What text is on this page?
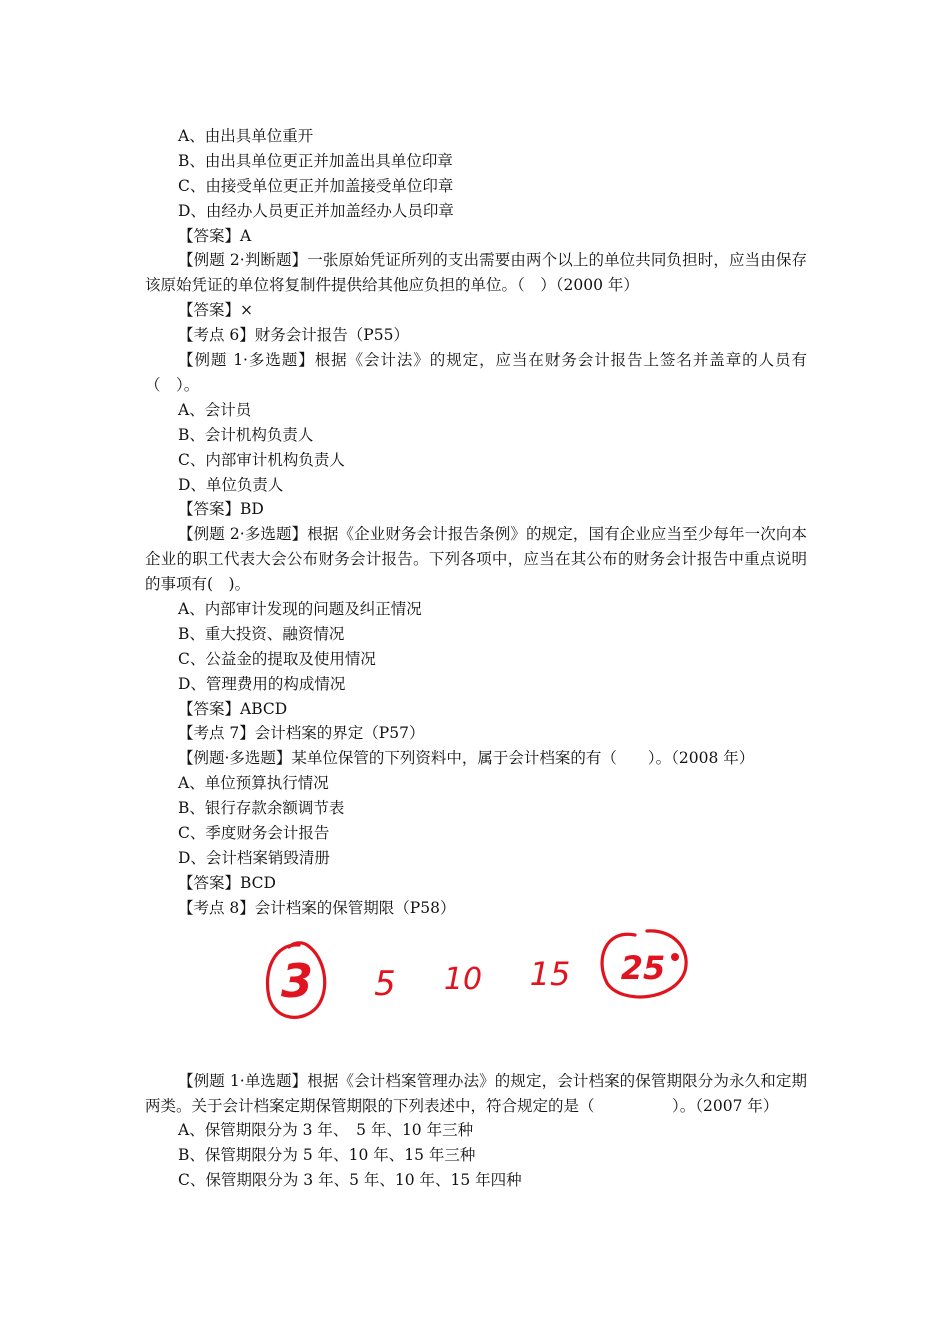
A、由出具单位重开
B、由出具单位更正并加盖出具单位印章
C、由接受单位更正并加盖接受单位印章
D、由经办人员更正并加盖经办人员印章
【答案】A
【例题 2·判断题】一张原始凭证所列的支出需要由两个以上的单位共同负担时，应当由保存该原始凭证的单位将复制件提供给其他应负担的单位。（　）（2000 年）
【答案】×
【考点 6】财务会计报告（P55）
【例题 1·多选题】根据《会计法》的规定，应当在财务会计报告上签名并盖章的人员有（　）。
A、会计员
B、会计机构负责人
C、内部审计机构负责人
D、单位负责人
【答案】BD
【例题 2·多选题】根据《企业财务会计报告条例》的规定，国有企业应当至少每年一次向本企业的职工代表大会公布财务会计报告。下列各项中，应当在其公布的财务会计报告中重点说明的事项有(　)。
A、内部审计发现的问题及纠正情况
B、重大投资、融资情况
C、公益金的提取及使用情况
D、管理费用的构成情况
【答案】ABCD
【考点 7】会计档案的界定（P57）
【例题·多选题】某单位保管的下列资料中，属于会计档案的有（　　）。（2008 年）
A、单位预算执行情况
B、银行存款余额调节表
C、季度财务会计报告
D、会计档案销毁清册
【答案】BCD
【考点 8】会计档案的保管期限（P58）
【例题 1·单选题】根据《会计档案管理办法》的规定，会计档案的保管期限分为永久和定期两类。关于会计档案定期保管期限的下列表述中，符合规定的是（　　　　　）。（2007 年）
A、保管期限分为 3 年、　5 年、10 年三种
B、保管期限分为 5 年、10 年、15 年三种
C、保管期限分为 3 年、5 年、10 年、15 年四种
3 5 10 15 25
